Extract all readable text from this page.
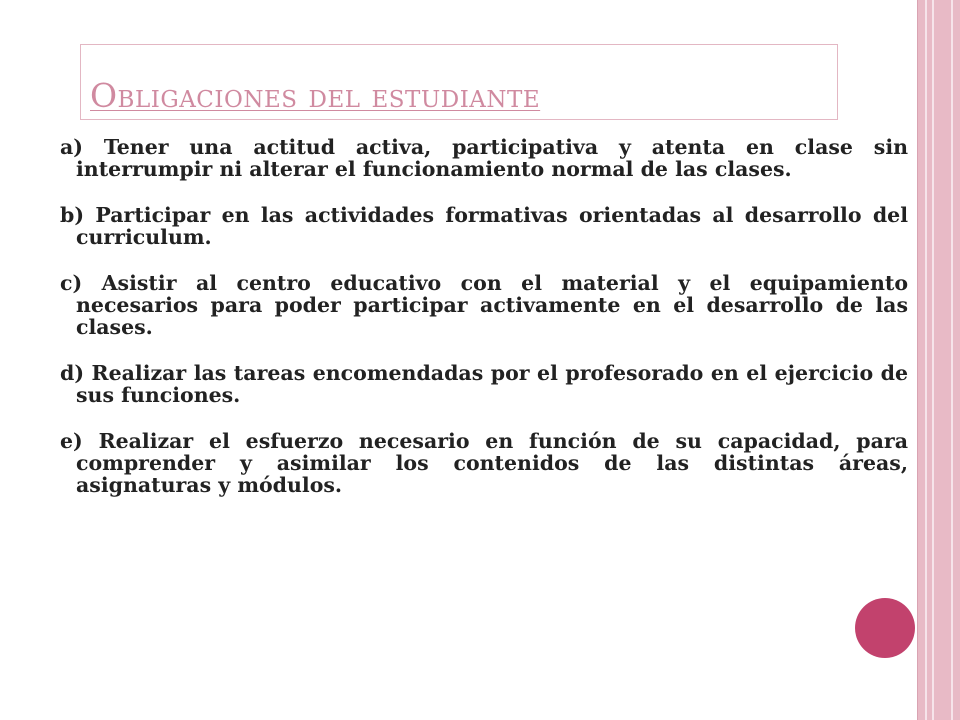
Obligaciones del estudiante

a) Tener una actitud activa, participativa y atenta en clase sin interrumpir ni alterar el funcionamiento normal de las clases.

b) Participar en las actividades formativas orientadas al desarrollo del curriculum.

c) Asistir al centro educativo con el material y el equipamiento necesarios para poder participar activamente en el desarrollo de las clases.

d) Realizar las tareas encomendadas por el profesorado en el ejercicio de sus funciones.

e) Realizar el esfuerzo necesario en función de su capacidad, para comprender y asimilar los contenidos de las distintas áreas, asignaturas y módulos.
